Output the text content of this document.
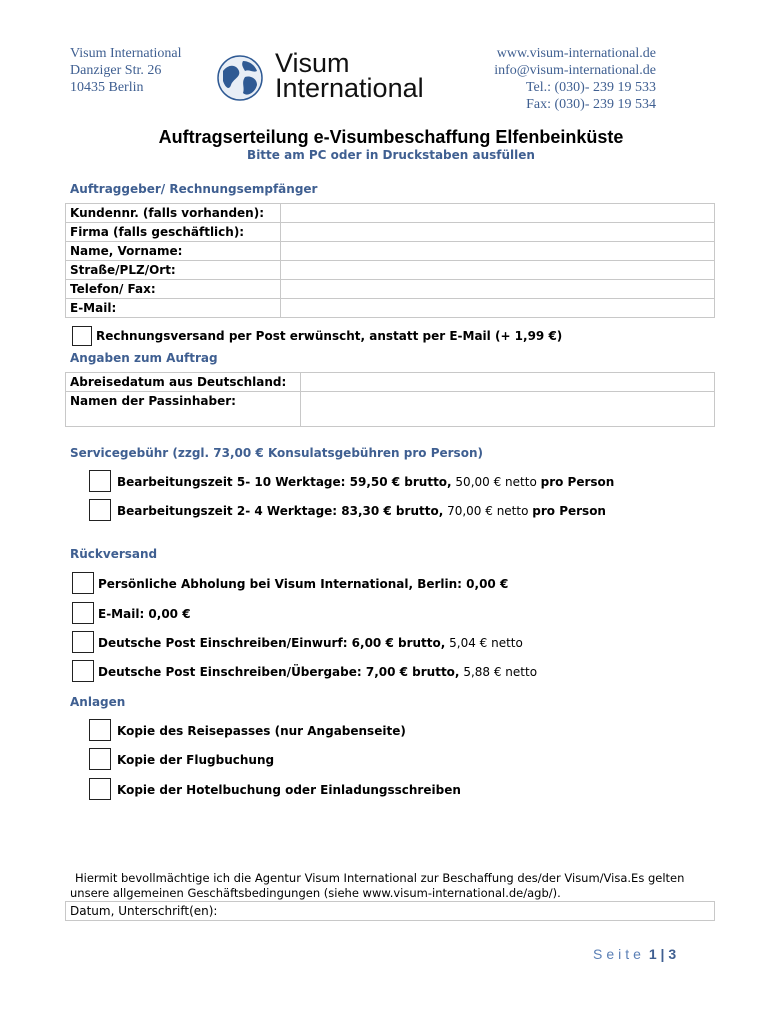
Visum International
Danziger Str. 26
10435 Berlin
Visum
International
www.visum-international.de
info@visum-international.de
Tel.: (030)- 239 19 533
Fax: (030)- 239 19 534
Auftragserteilung e-Visumbeschaffung Elfenbeinküste
Bitte am PC oder in Druckstaben ausfüllen
Auftraggeber/ Rechnungsempfänger
Kundennr. (falls vorhanden):	
Firma (falls geschäftlich):	
Name, Vorname:	
Straße/PLZ/Ort:	
Telefon/ Fax:	
E-Mail:	
Rechnungsversand per Post erwünscht, anstatt per E-Mail (+ 1,99 €)
Angaben zum Auftrag
Abreisedatum aus Deutschland:	
Namen der Passinhaber:	
Servicegebühr (zzgl. 73,00 € Konsulatsgebühren pro Person)
Bearbeitungszeit 5- 10 Werktage: 59,50 € brutto, 50,00 € netto pro Person
Bearbeitungszeit 2- 4 Werktage: 83,30 € brutto, 70,00 € netto pro Person
Rückversand
Persönliche Abholung bei Visum International, Berlin: 0,00 €
E-Mail: 0,00 €
Deutsche Post Einschreiben/Einwurf: 6,00 € brutto, 5,04 € netto
Deutsche Post Einschreiben/Übergabe: 7,00 € brutto, 5,88 € netto
Anlagen
Kopie des Reisepasses (nur Angabenseite)
Kopie der Flugbuchung
Kopie der Hotelbuchung oder Einladungsschreiben
Hiermit bevollmächtige ich die Agentur Visum International zur Beschaffung des/der Visum/Visa.Es gelten
unsere allgemeinen Geschäftsbedingungen (siehe www.visum-international.de/agb/).
Datum, Unterschrift(en):
Seite 1 | 3
